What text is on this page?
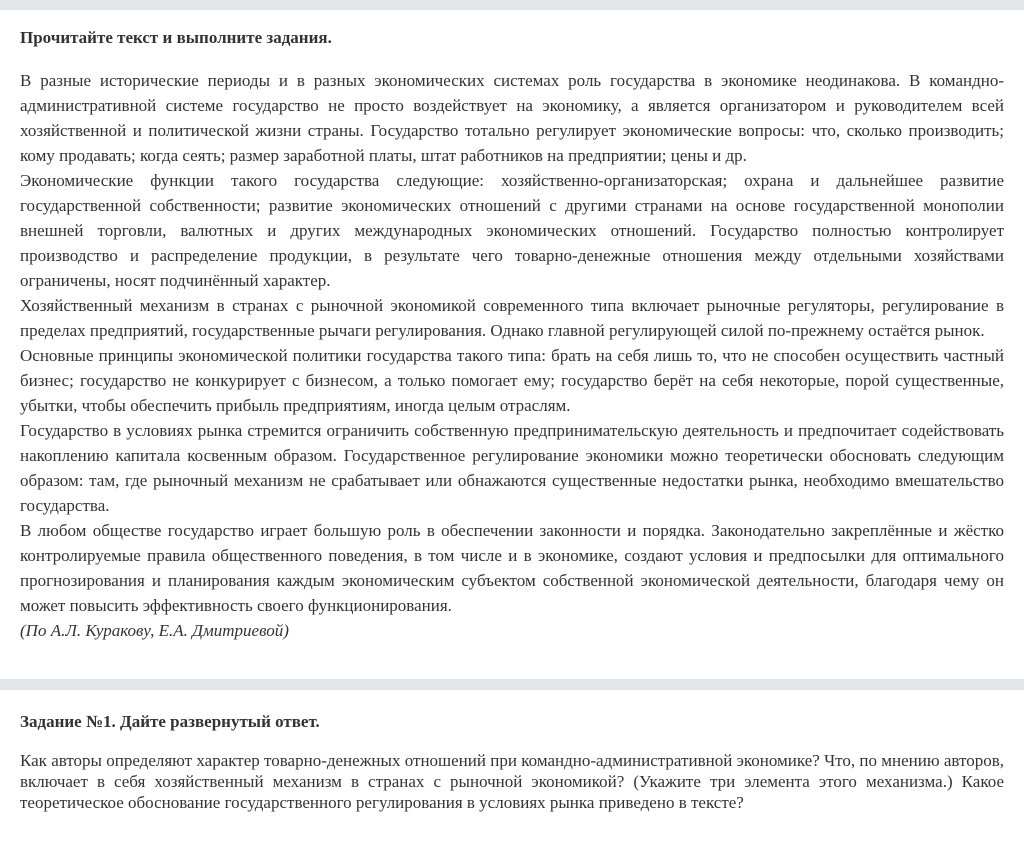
Прочитайте текст и выполните задания.

В разные исторические периоды и в разных экономических системах роль государства в экономике неодинакова. В командно-административной системе государство не просто воздействует на экономику, а является организатором и руководителем всей хозяйственной и политической жизни страны. Государство тотально регулирует экономические вопросы: что, сколько производить; кому продавать; когда сеять; размер заработной платы, штат работников на предприятии; цены и др.

Экономические функции такого государства следующие: хозяйственно-организаторская; охрана и дальнейшее развитие государственной собственности; развитие экономических отношений с другими странами на основе государственной монополии внешней торговли, валютных и других международных экономических отношений. Государство полностью контролирует производство и распределение продукции, в результате чего товарно-денежные отношения между отдельными хозяйствами ограничены, носят подчинённый характер.

Хозяйственный механизм в странах с рыночной экономикой современного типа включает рыночные регуляторы, регулирование в пределах предприятий, государственные рычаги регулирования. Однако главной регулирующей силой по-прежнему остаётся рынок.

Основные принципы экономической политики государства такого типа: брать на себя лишь то, что не способен осуществить частный бизнес; государство не конкурирует с бизнесом, а только помогает ему; государство берёт на себя некоторые, порой существенные, убытки, чтобы обеспечить прибыль предприятиям, иногда целым отраслям.

Государство в условиях рынка стремится ограничить собственную предпринимательскую деятельность и предпочитает содействовать накоплению капитала косвенным образом. Государственное регулирование экономики можно теоретически обосновать следующим образом: там, где рыночный механизм не срабатывает или обнажаются существенные недостатки рынка, необходимо вмешательство государства.

В любом обществе государство играет большую роль в обеспечении законности и порядка. Законодательно закреплённые и жёстко контролируемые правила общественного поведения, в том числе и в экономике, создают условия и предпосылки для оптимального прогнозирования и планирования каждым экономическим субъектом собственной экономической деятельности, благодаря чему он может повысить эффективность своего функционирования.

(По А.Л. Куракову, Е.А. Дмитриевой)

Задание №1. Дайте развернутый ответ.

Как авторы определяют характер товарно-денежных отношений при командно-административной экономике? Что, по мнению авторов, включает в себя хозяйственный механизм в странах с рыночной экономикой? (Укажите три элемента этого механизма.) Какое теоретическое обоснование государственного регулирования в условиях рынка приведено в тексте?
